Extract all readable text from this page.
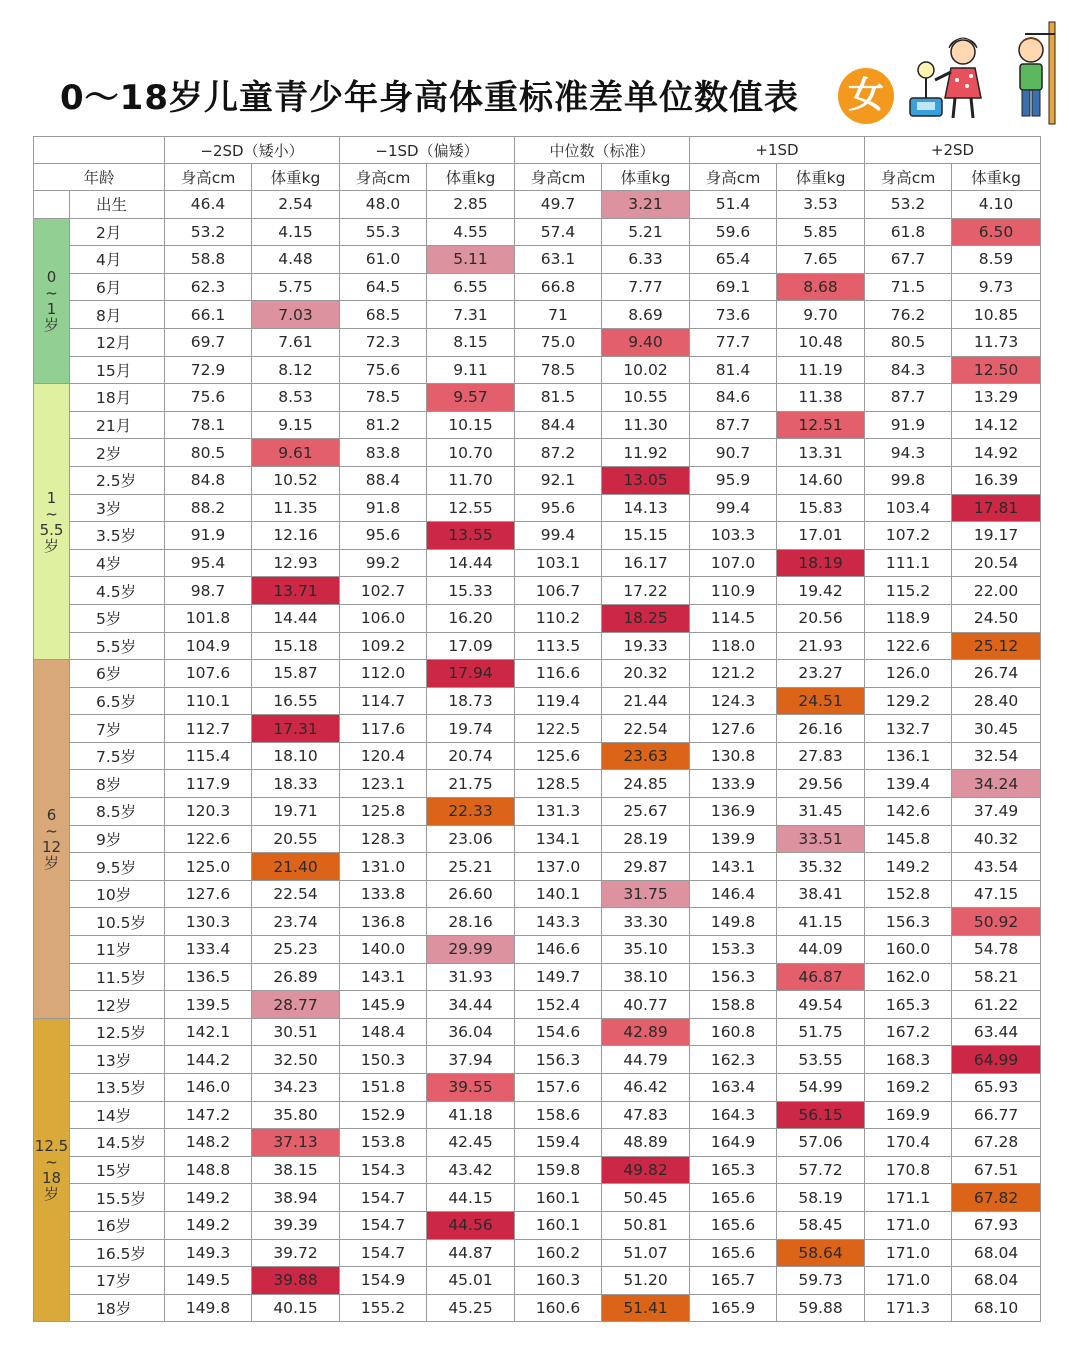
0～18岁儿童青少年身高体重标准差单位数值表 女
		−2SD（矮小）		−1SD（偏矮）		中位数（标准）		+1SD		+2SD	
年龄		身高cm	体重kg	身高cm	体重kg	身高cm	体重kg	身高cm	体重kg	身高cm	体重kg
	出生	46.4	2.54	48.0	2.85	49.7	3.21	51.4	3.53	53.2	4.10
0
~
1
岁	2月	53.2	4.15	55.3	4.55	57.4	5.21	59.6	5.85	61.8	6.50
	4月	58.8	4.48	61.0	5.11	63.1	6.33	65.4	7.65	67.7	8.59
	6月	62.3	5.75	64.5	6.55	66.8	7.77	69.1	8.68	71.5	9.73
	8月	66.1	7.03	68.5	7.31	71	8.69	73.6	9.70	76.2	10.85
	12月	69.7	7.61	72.3	8.15	75.0	9.40	77.7	10.48	80.5	11.73
	15月	72.9	8.12	75.6	9.11	78.5	10.02	81.4	11.19	84.3	12.50
1
~
5.5
岁	18月	75.6	8.53	78.5	9.57	81.5	10.55	84.6	11.38	87.7	13.29
	21月	78.1	9.15	81.2	10.15	84.4	11.30	87.7	12.51	91.9	14.12
	2岁	80.5	9.61	83.8	10.70	87.2	11.92	90.7	13.31	94.3	14.92
	2.5岁	84.8	10.52	88.4	11.70	92.1	13.05	95.9	14.60	99.8	16.39
	3岁	88.2	11.35	91.8	12.55	95.6	14.13	99.4	15.83	103.4	17.81
	3.5岁	91.9	12.16	95.6	13.55	99.4	15.15	103.3	17.01	107.2	19.17
	4岁	95.4	12.93	99.2	14.44	103.1	16.17	107.0	18.19	111.1	20.54
	4.5岁	98.7	13.71	102.7	15.33	106.7	17.22	110.9	19.42	115.2	22.00
	5岁	101.8	14.44	106.0	16.20	110.2	18.25	114.5	20.56	118.9	24.50
	5.5岁	104.9	15.18	109.2	17.09	113.5	19.33	118.0	21.93	122.6	25.12
6
~
12
岁	6岁	107.6	15.87	112.0	17.94	116.6	20.32	121.2	23.27	126.0	26.74
	6.5岁	110.1	16.55	114.7	18.73	119.4	21.44	124.3	24.51	129.2	28.40
	7岁	112.7	17.31	117.6	19.74	122.5	22.54	127.6	26.16	132.7	30.45
	7.5岁	115.4	18.10	120.4	20.74	125.6	23.63	130.8	27.83	136.1	32.54
	8岁	117.9	18.33	123.1	21.75	128.5	24.85	133.9	29.56	139.4	34.24
	8.5岁	120.3	19.71	125.8	22.33	131.3	25.67	136.9	31.45	142.6	37.49
	9岁	122.6	20.55	128.3	23.06	134.1	28.19	139.9	33.51	145.8	40.32
	9.5岁	125.0	21.40	131.0	25.21	137.0	29.87	143.1	35.32	149.2	43.54
	10岁	127.6	22.54	133.8	26.60	140.1	31.75	146.4	38.41	152.8	47.15
	10.5岁	130.3	23.74	136.8	28.16	143.3	33.30	149.8	41.15	156.3	50.92
	11岁	133.4	25.23	140.0	29.99	146.6	35.10	153.3	44.09	160.0	54.78
	11.5岁	136.5	26.89	143.1	31.93	149.7	38.10	156.3	46.87	162.0	58.21
	12岁	139.5	28.77	145.9	34.44	152.4	40.77	158.8	49.54	165.3	61.22
12.5
~
18
岁	12.5岁	142.1	30.51	148.4	36.04	154.6	42.89	160.8	51.75	167.2	63.44
	13岁	144.2	32.50	150.3	37.94	156.3	44.79	162.3	53.55	168.3	64.99
	13.5岁	146.0	34.23	151.8	39.55	157.6	46.42	163.4	54.99	169.2	65.93
	14岁	147.2	35.80	152.9	41.18	158.6	47.83	164.3	56.15	169.9	66.77
	14.5岁	148.2	37.13	153.8	42.45	159.4	48.89	164.9	57.06	170.4	67.28
	15岁	148.8	38.15	154.3	43.42	159.8	49.82	165.3	57.72	170.8	67.51
	15.5岁	149.2	38.94	154.7	44.15	160.1	50.45	165.6	58.19	171.1	67.82
	16岁	149.2	39.39	154.7	44.56	160.1	50.81	165.6	58.45	171.0	67.93
	16.5岁	149.3	39.72	154.7	44.87	160.2	51.07	165.6	58.64	171.0	68.04
	17岁	149.5	39.88	154.9	45.01	160.3	51.20	165.7	59.73	171.0	68.04
	18岁	149.8	40.15	155.2	45.25	160.6	51.41	165.9	59.88	171.3	68.10
